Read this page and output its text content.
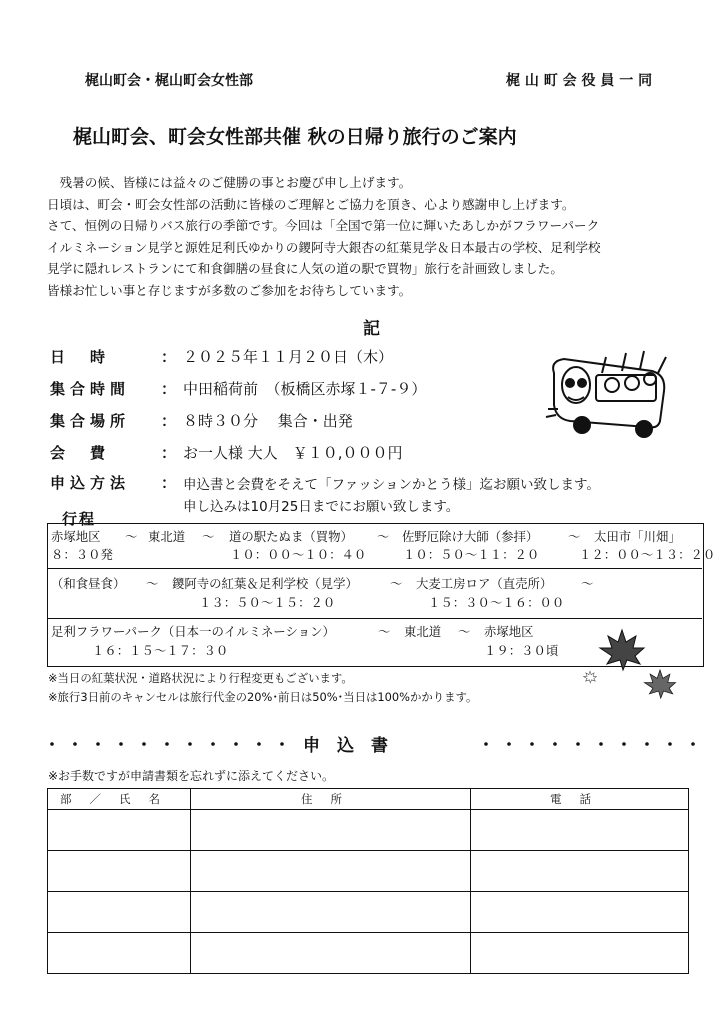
梶山町会・梶山町会女性部	梶 山 町 会 役 員 一 同
梶山町会、町会女性部共催 秋の日帰り旅行のご案内
　残暑の候、皆様には益々のご健勝の事とお慶び申し上げます。
日頃は、町会・町会女性部の活動に皆様のご理解とご協力を頂き、心より感謝申し上げます。
さて、恒例の日帰りバス旅行の季節です。今回は「全国で第一位に輝いたあしかがフラワーパーク
イルミネーション見学と源姓足利氏ゆかりの鑁阿寺大銀杏の紅葉見学＆日本最古の学校、足利学校
見学に隠れレストランにて和食御膳の昼食に人気の道の駅で買物」旅行を計画致しました。
皆様お忙しい事と存じますが多数のご参加をお待ちしています。
記
日　時	： ２０２５年１１月２０日（木）
集合時間 ： 中田稲荷前　（板橋区赤塚１-７-９）
集合場所 ： ８時３０分　 集合・出発
会　費	： お一人様 大人　￥１０,０００円
申込方法 ： 申込書と会費をそえて「ファッションかとう様」迄お願い致します。
申し込みは10月25日までにお願い致します。
行程
赤塚地区 ～ 東北道 ～ 道の駅たぬま（買物） ～ 佐野厄除け大師（参拝） ～ 太田市「川畑」
８：３０発	１０：００～１０：４０	１０：５０～１１：２０	１２：００～１３：２０
（和食昼食） ～ 鑁阿寺の紅葉＆足利学校（見学）	～ 大麦工房ロア（直売所） ～
１３：５０～１５：２０	１５：３０～１６：００
足利フラワーパーク（日本一のイルミネーション）	～ 東北道 ～ 赤塚地区
１６：１５～１７：３０	１９：３０頃
※当日の紅葉状況・道路状況により行程変更もございます。
※旅行3日前のキャンセルは旅行代金の20%･前日は50%･当日は100%かかります。
・・・・・・・・・・・ 申　込　書	・・・・・・・・・・
※お手数ですが申請書類を忘れずに添えてください。
部／氏名	住所	電話
